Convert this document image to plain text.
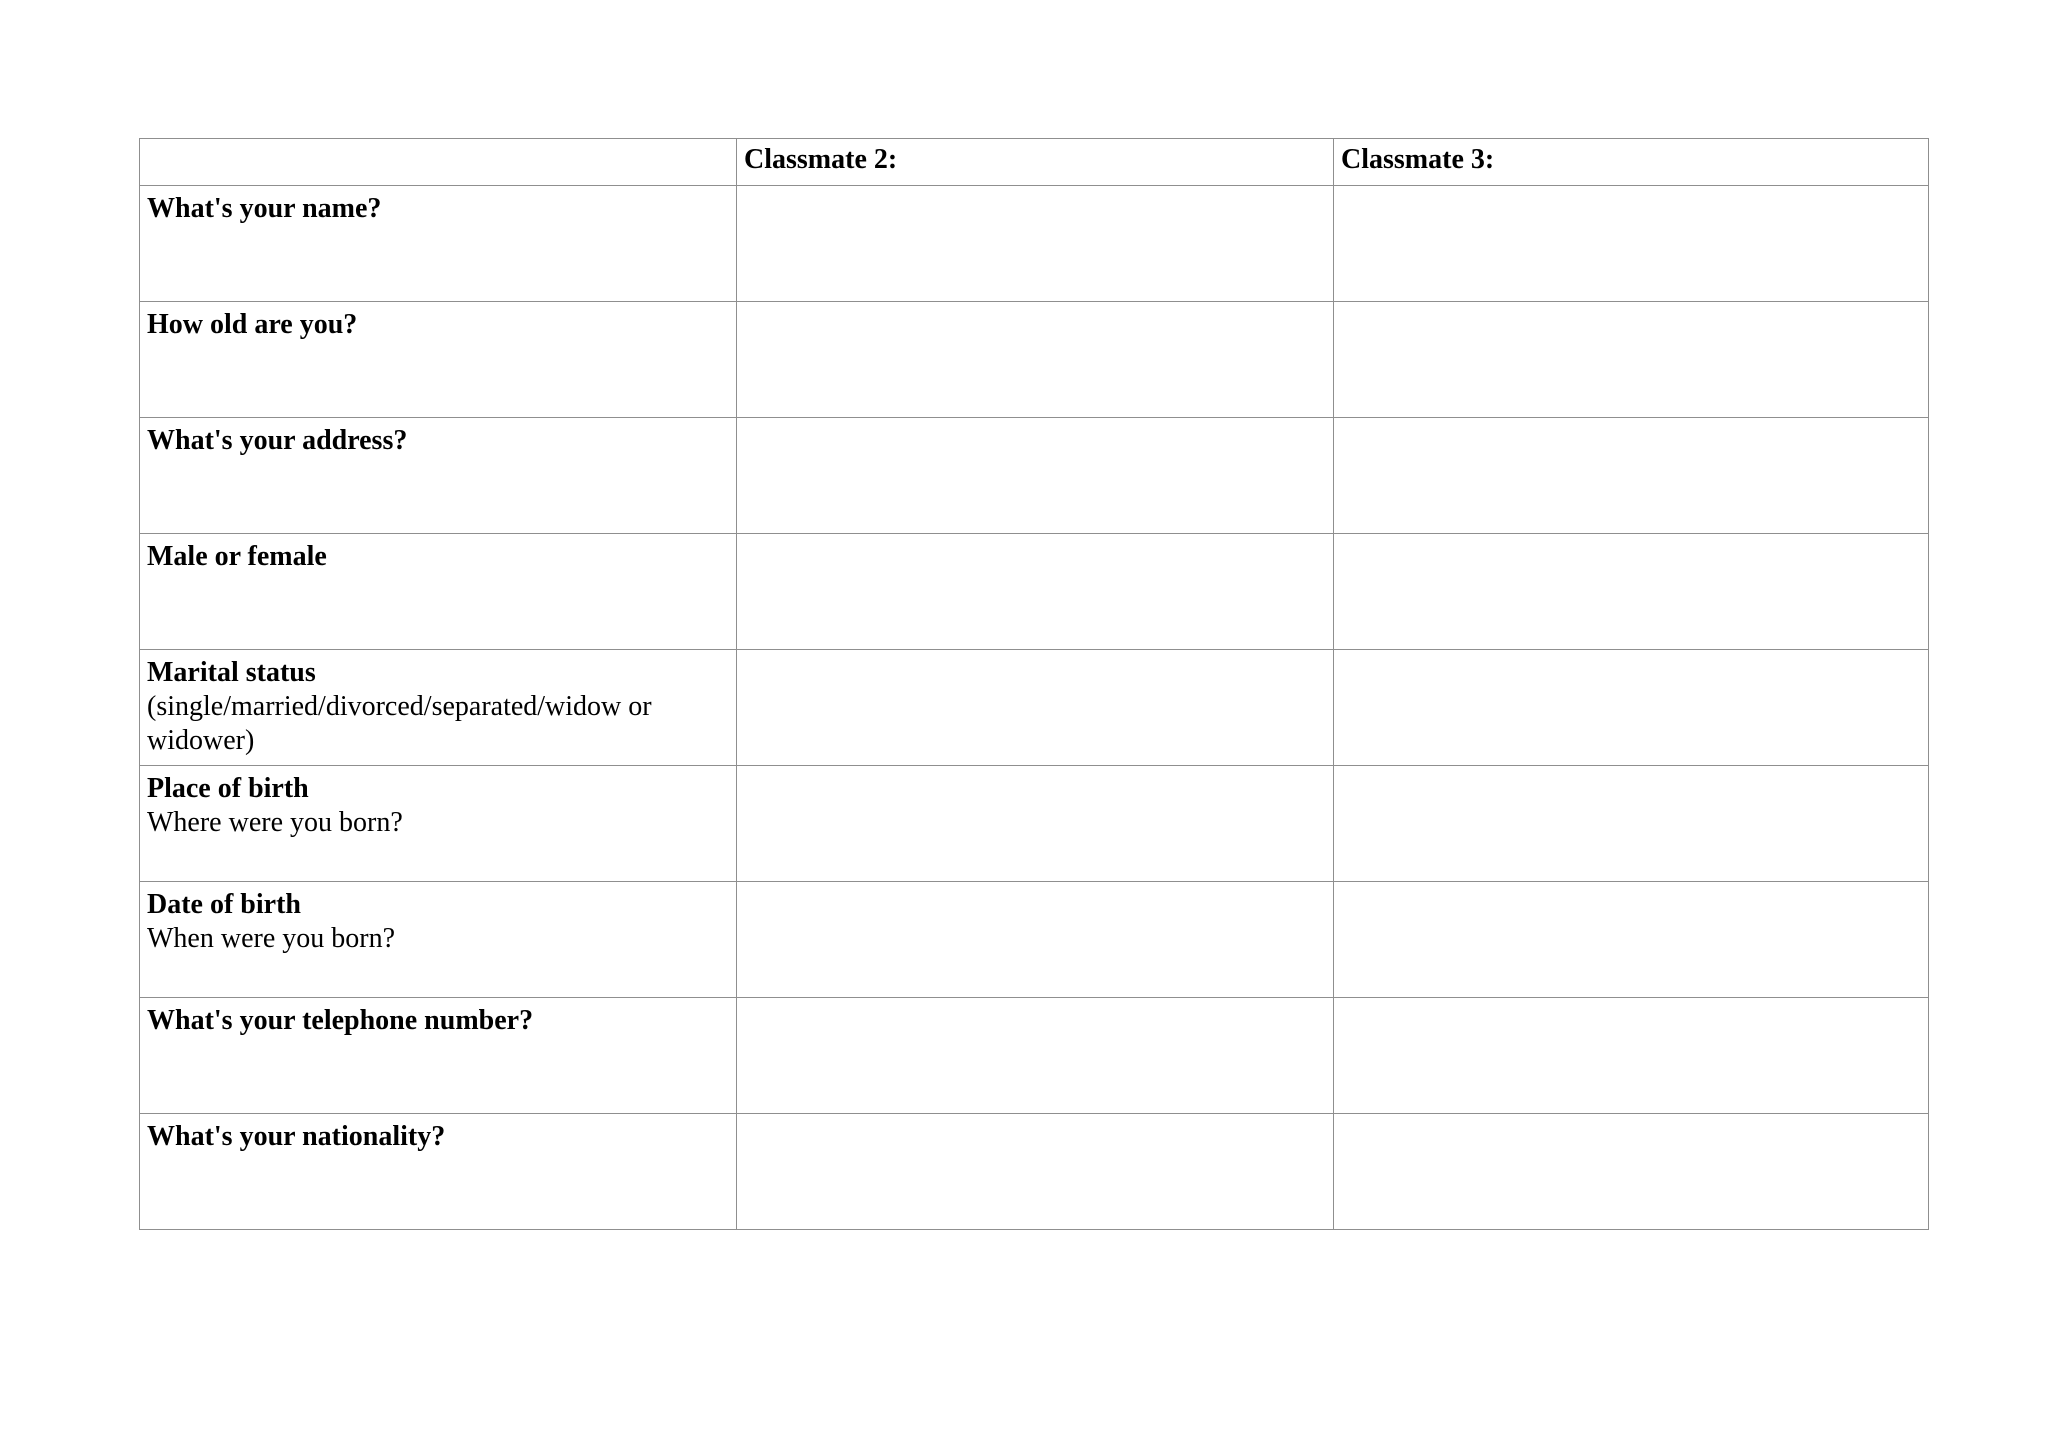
	Classmate 2:	Classmate 3:

What's your name?		

How old are you?		

What's your address?		

Male or female		

Marital status
(single/married/divorced/separated/widow or widower)		

Place of birth
Where were you born?		

Date of birth
When were you born?		

What's your telephone number?		

What's your nationality?		
